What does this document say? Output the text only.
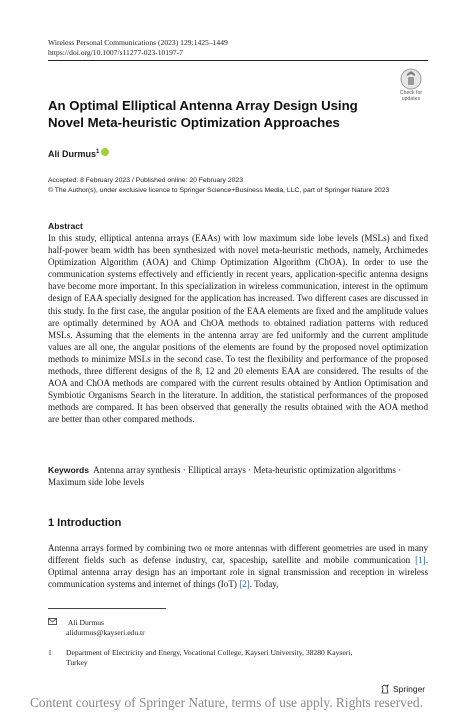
Wireless Personal Communications (2023) 129:1425–1449
https://doi.org/10.1007/s11277-023-10197-7
Check for
updates
An Optimal Elliptical Antenna Array Design Using Novel Meta-heuristic Optimization Approaches
Ali Durmus$^1$
Accepted: 8 February 2023 / Published online: 20 February 2023
© The Author(s), under exclusive licence to Springer Science+Business Media, LLC, part of Springer Nature 2023
Abstract
In this study, elliptical antenna arrays (EAAs) with low maximum side lobe levels (MSLs) and fixed half-power beam width has been synthesized with novel meta-heuristic methods, namely, Archimedes Optimization Algorithm (AOA) and Chimp Optimization Algorithm (ChOA). In order to use the communication systems effectively and efficiently in recent years, application-specific antenna designs have become more important. In this specialization in wireless communication, interest in the optimum design of EAA specially designed for the application has increased. Two different cases are discussed in this study. In the first case, the angular position of the EAA elements are fixed and the amplitude values are optimally determined by AOA and ChOA methods to obtained radiation patterns with reduced MSLs. Assuming that the elements in the antenna array are fed uniformly and the current amplitude values are all one, the angular positions of the elements are found by the proposed novel optimization methods to minimize MSLs in the second case. To test the flexibility and performance of the proposed methods, three different designs of the 8, 12 and 20 elements EAA are considered. The results of the AOA and ChOA methods are compared with the current results obtained by Antlion Optimisation and Symbiotic Organisms Search in the literature. In addition, the statistical performances of the proposed methods are compared. It has been observed that generally the results obtained with the AOA method are better than other compared methods.
Keywords Antenna array synthesis · Elliptical arrays · Meta-heuristic optimization algorithms · Maximum side lobe levels
1 Introduction
Antenna arrays formed by combining two or more antennas with different geometries are used in many different fields such as defense industry, car, spaceship, satellite and mobile communication [1]. Optimal antenna array design has an important role in signal transmission and reception in wireless communication systems and internet of things (IoT) [2]. Today,
Ali Durmus
alidurmus@kayseri.edu.tr
1 Department of Electricity and Energy, Vocational College, Kayseri University, 38280 Kayseri, Turkey
Springer
Content courtesy of Springer Nature, terms of use apply. Rights reserved.
